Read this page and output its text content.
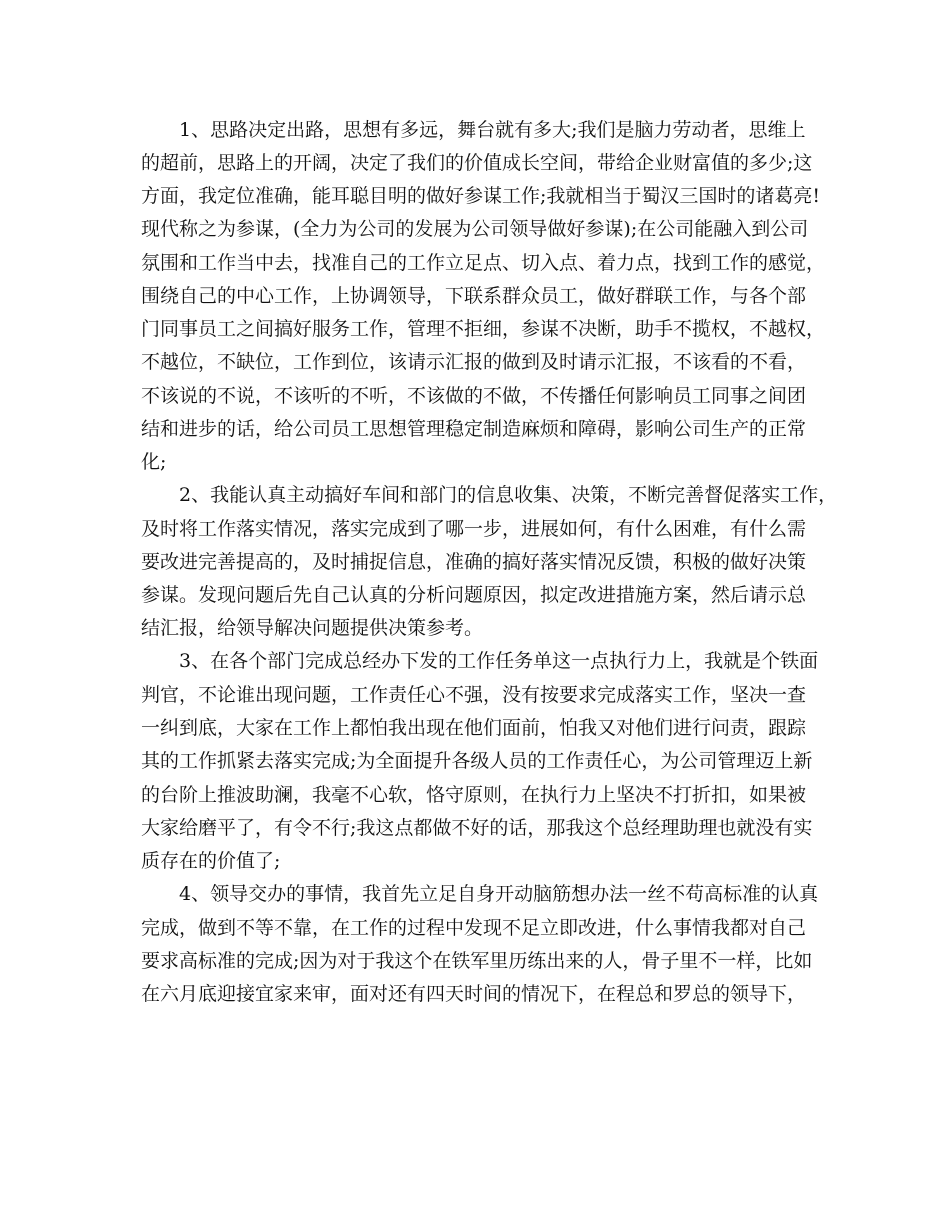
1、思路决定出路，思想有多远，舞台就有多大;我们是脑力劳动者，思维上
的超前，思路上的开阔，决定了我们的价值成长空间，带给企业财富值的多少;这
方面，我定位准确，能耳聪目明的做好参谋工作;我就相当于蜀汉三国时的诸葛亮!
现代称之为参谋，(全力为公司的发展为公司领导做好参谋);在公司能融入到公司
氛围和工作当中去，找准自己的工作立足点、切入点、着力点，找到工作的感觉，
围绕自己的中心工作，上协调领导，下联系群众员工，做好群联工作，与各个部
门同事员工之间搞好服务工作，管理不拒细，参谋不决断，助手不揽权，不越权，
不越位，不缺位，工作到位，该请示汇报的做到及时请示汇报，不该看的不看，
不该说的不说，不该听的不听，不该做的不做，不传播任何影响员工同事之间团
结和进步的话，给公司员工思想管理稳定制造麻烦和障碍，影响公司生产的正常
化;
2、我能认真主动搞好车间和部门的信息收集、决策，不断完善督促落实工作，
及时将工作落实情况，落实完成到了哪一步，进展如何，有什么困难，有什么需
要改进完善提高的，及时捕捉信息，准确的搞好落实情况反馈，积极的做好决策
参谋。发现问题后先自己认真的分析问题原因，拟定改进措施方案，然后请示总
结汇报，给领导解决问题提供决策参考。
3、在各个部门完成总经办下发的工作任务单这一点执行力上，我就是个铁面
判官，不论谁出现问题，工作责任心不强，没有按要求完成落实工作，坚决一查
一纠到底，大家在工作上都怕我出现在他们面前，怕我又对他们进行问责，跟踪
其的工作抓紧去落实完成;为全面提升各级人员的工作责任心，为公司管理迈上新
的台阶上推波助澜，我毫不心软，恪守原则，在执行力上坚决不打折扣，如果被
大家给磨平了，有令不行;我这点都做不好的话，那我这个总经理助理也就没有实
质存在的价值了;
4、领导交办的事情，我首先立足自身开动脑筋想办法一丝不苟高标准的认真
完成，做到不等不靠，在工作的过程中发现不足立即改进，什么事情我都对自己
要求高标准的完成;因为对于我这个在铁军里历练出来的人，骨子里不一样，比如
在六月底迎接宜家来审，面对还有四天时间的情况下，在程总和罗总的领导下，
